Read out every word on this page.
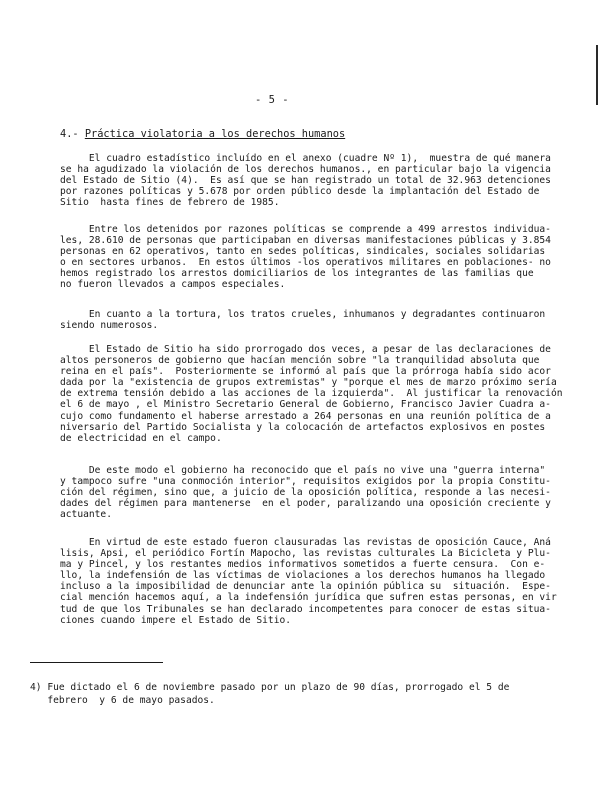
- 5 -
4.- Práctica violatoria a los derechos humanos
El cuadro estadístico incluído en el anexo (cuadre Nº 1),  muestra de qué manera
se ha agudizado la violación de los derechos humanos., en particular bajo la vigencia
del Estado de Sitio (4).  Es así que se han registrado un total de 32.963 detenciones
por razones políticas y 5.678 por orden público desde la implantación del Estado de
Sitio  hasta fines de febrero de 1985.
Entre los detenidos por razones políticas se comprende a 499 arrestos individua-
les, 28.610 de personas que participaban en diversas manifestaciones públicas y 3.854
personas en 62 operativos, tanto en sedes políticas, sindicales, sociales solidarias
o en sectores urbanos.  En estos últimos -los operativos militares en poblaciones- no
hemos registrado los arrestos domiciliarios de los integrantes de las familias que
no fueron llevados a campos especiales.
En cuanto a la tortura, los tratos crueles, inhumanos y degradantes continuaron
siendo numerosos.
El Estado de Sitio ha sido prorrogado dos veces, a pesar de las declaraciones de
altos personeros de gobierno que hacían mención sobre "la tranquilidad absoluta que
reina en el país".  Posteriormente se informó al país que la prórroga había sido acor
dada por la "existencia de grupos extremistas" y "porque el mes de marzo próximo sería
de extrema tensión debido a las acciones de la izquierda".  Al justificar la renovación
el 6 de mayo , el Ministro Secretario General de Gobierno, Francisco Javier Cuadra a-
cujo como fundamento el haberse arrestado a 264 personas en una reunión política de a
niversario del Partido Socialista y la colocación de artefactos explosivos en postes
de electricidad en el campo.
De este modo el gobierno ha reconocido que el país no vive una "guerra interna"
y tampoco sufre "una conmoción interior", requisitos exigidos por la propia Constitu-
ción del régimen, sino que, a juicio de la oposición política, responde a las necesi-
dades del régimen para mantenerse  en el poder, paralizando una oposición creciente y
actuante.
En virtud de este estado fueron clausuradas las revistas de oposición Cauce, Aná
lisis, Apsi, el periódico Fortín Mapocho, las revistas culturales La Bicicleta y Plu-
ma y Pincel, y los restantes medios informativos sometidos a fuerte censura.  Con e-
llo, la indefensión de las víctimas de violaciones a los derechos humanos ha llegado
incluso a la imposibilidad de denunciar ante la opinión pública su  situación.  Espe-
cial mención hacemos aquí, a la indefensión jurídica que sufren estas personas, en vir
tud de que los Tribunales se han declarado incompetentes para conocer de estas situa-
ciones cuando impere el Estado de Sitio.
4) Fue dictado el 6 de noviembre pasado por un plazo de 90 días, prorrogado el 5 de
febrero  y 6 de mayo pasados.
